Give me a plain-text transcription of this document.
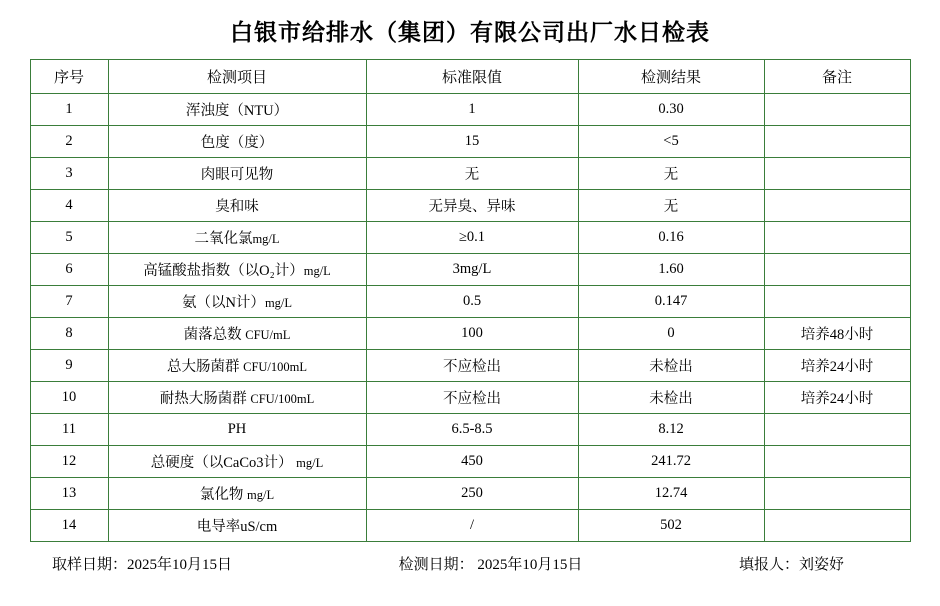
白银市给排水（集团）有限公司出厂水日检表
序号	检测项目	标准限值	检测结果	备注
1	浑浊度（NTU）	1	0.30	
2	色度（度）	15	<5	
3	肉眼可见物	无	无	
4	臭和味	无异臭、异味	无	
5	二氧化氯mg/L	≥0.1	0.16	
6	高锰酸盐指数（以O₂计）mg/L	3mg/L	1.60	
7	氨（以N计）mg/L	0.5	0.147	
8	菌落总数 CFU/mL	100	0	培养48小时
9	总大肠菌群 CFU/100mL	不应检出	未检出	培养24小时
10	耐热大肠菌群 CFU/100mL	不应检出	未检出	培养24小时
11	PH	6.5-8.5	8.12	
12	总硬度（以CaCo3计） mg/L	450	241.72	
13	氯化物 mg/L	250	12.74	
14	电导率uS/cm	/	502	
取样日期：2025年10月15日	检测日期： 2025年10月15日	填报人：刘姿妤
